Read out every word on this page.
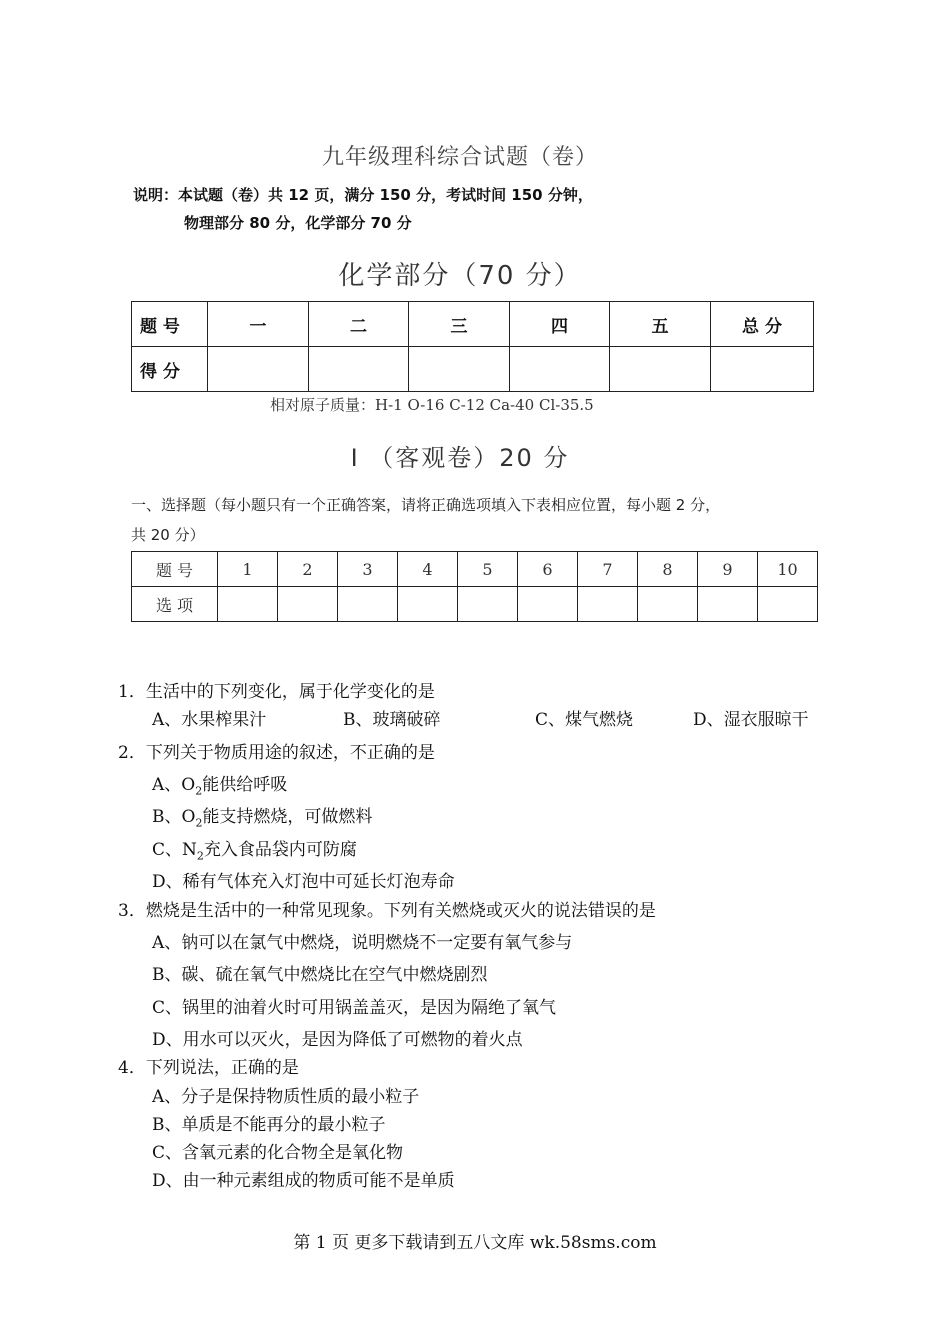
九年级理科综合试题（卷）
说明：本试题（卷）共 12 页，满分 150 分，考试时间 150 分钟，
物理部分 80 分，化学部分 70 分
化学部分（70 分）
题 号	一	二	三	四	五	总 分
得 分						
相对原子质量：H-1 O-16 C-12 Ca-40 Cl-35.5
Ⅰ （客观卷）20 分
一、选择题（每小题只有一个正确答案，请将正确选项填入下表相应位置，每小题 2 分，
共 20 分）
题 号	1	2	3	4	5	6	7	8	9	10
选 项										
1．生活中的下列变化，属于化学变化的是
A、水果榨果汁	B、玻璃破碎	C、煤气燃烧	D、湿衣服晾干
2．下列关于物质用途的叙述，不正确的是
A、$O_2$能供给呼吸
B、$O_2$能支持燃烧，可做燃料
C、$N_2$充入食品袋内可防腐
D、稀有气体充入灯泡中可延长灯泡寿命
3．燃烧是生活中的一种常见现象。下列有关燃烧或灭火的说法错误的是
A、钠可以在氯气中燃烧，说明燃烧不一定要有氧气参与
B、碳、硫在氧气中燃烧比在空气中燃烧剧烈
C、锅里的油着火时可用锅盖盖灭，是因为隔绝了氧气
D、用水可以灭火，是因为降低了可燃物的着火点
4．下列说法，正确的是
A、分子是保持物质性质的最小粒子
B、单质是不能再分的最小粒子
C、含氧元素的化合物全是氧化物
D、由一种元素组成的物质可能不是单质
第 1 页 更多下载请到五八文库 wk.58sms.com
